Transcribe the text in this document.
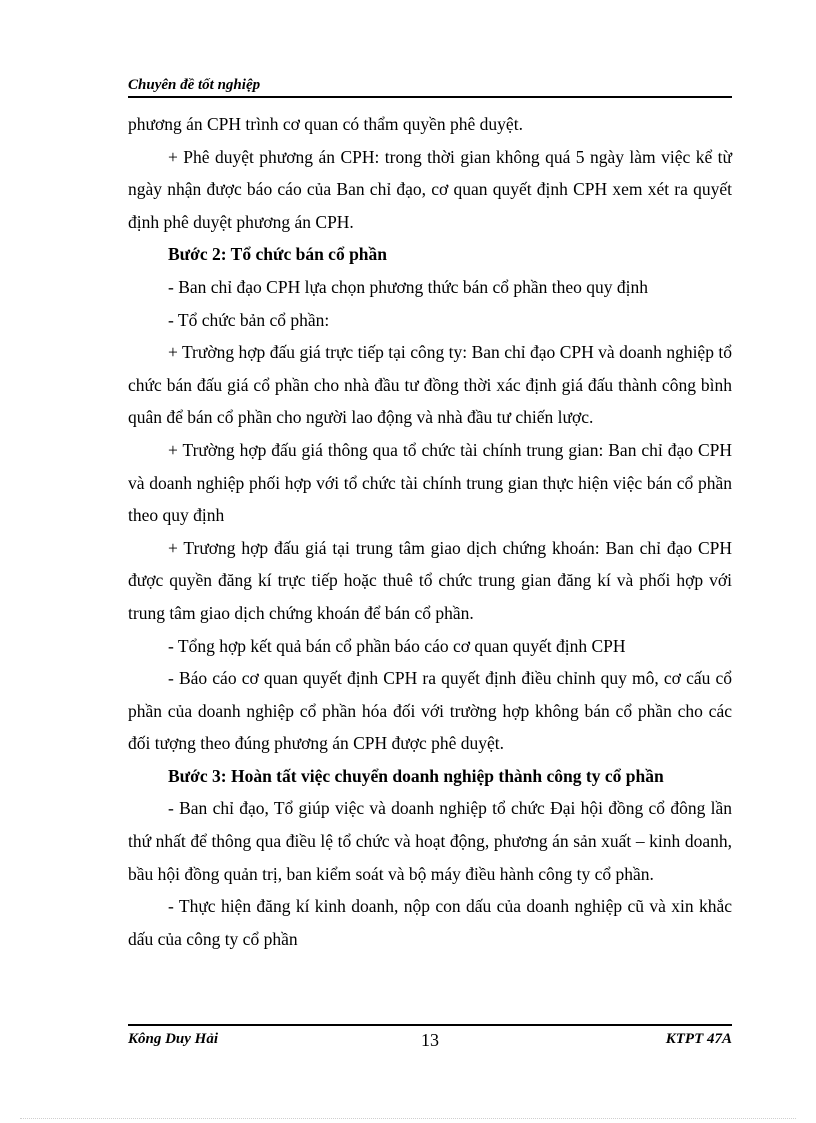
Chuyên đề tốt nghiệp

phương án CPH trình cơ quan có thẩm quyền phê duyệt.

+ Phê duyệt phương án CPH: trong thời gian không quá 5 ngày làm việc kể từ ngày nhận được báo cáo của Ban chỉ đạo, cơ quan quyết định CPH xem xét ra quyết định phê duyệt phương án CPH.

Bước 2: Tổ chức bán cổ phần

- Ban chỉ đạo CPH lựa chọn phương thức bán cổ phần theo quy định

- Tổ chức bản cổ phần:

+ Trường hợp đấu giá trực tiếp tại công ty: Ban chỉ đạo CPH và doanh nghiệp tổ chức bán đấu giá cổ phần cho nhà đầu tư đồng thời xác định giá đấu thành công bình quân để bán cổ phần cho người lao động và nhà đầu tư chiến lược.

+ Trường hợp đấu giá thông qua tổ chức tài chính trung gian: Ban chỉ đạo CPH và doanh nghiệp phối hợp với tổ chức tài chính trung gian thực hiện việc bán cổ phần theo quy định

+ Trương hợp đấu giá tại trung tâm giao dịch chứng khoán: Ban chỉ đạo CPH được quyền đăng kí trực tiếp hoặc thuê tổ chức trung gian đăng kí và phối hợp với trung tâm giao dịch chứng khoán để bán cổ phần.

- Tổng hợp kết quả bán cổ phần báo cáo cơ quan quyết định CPH

- Báo cáo cơ quan quyết định CPH ra quyết định điều chỉnh quy mô, cơ cấu cổ phần của doanh nghiệp cổ phần hóa đối với trường hợp không bán cổ phần cho các đối tượng theo đúng phương án CPH được phê duyệt.

Bước 3: Hoàn tất việc chuyển doanh nghiệp thành công ty cổ phần

- Ban chỉ đạo, Tổ giúp việc và doanh nghiệp tổ chức Đại hội đồng cổ đông lần thứ nhất để thông qua điều lệ tổ chức và hoạt động, phương án sản xuất – kinh doanh, bầu hội đồng quản trị, ban kiểm soát và bộ máy điều hành công ty cổ phần.

- Thực hiện đăng kí kinh doanh, nộp con dấu của doanh nghiệp cũ và xin khắc dấu của công ty cổ phần

Kông Duy Hải	13	KTPT 47A
